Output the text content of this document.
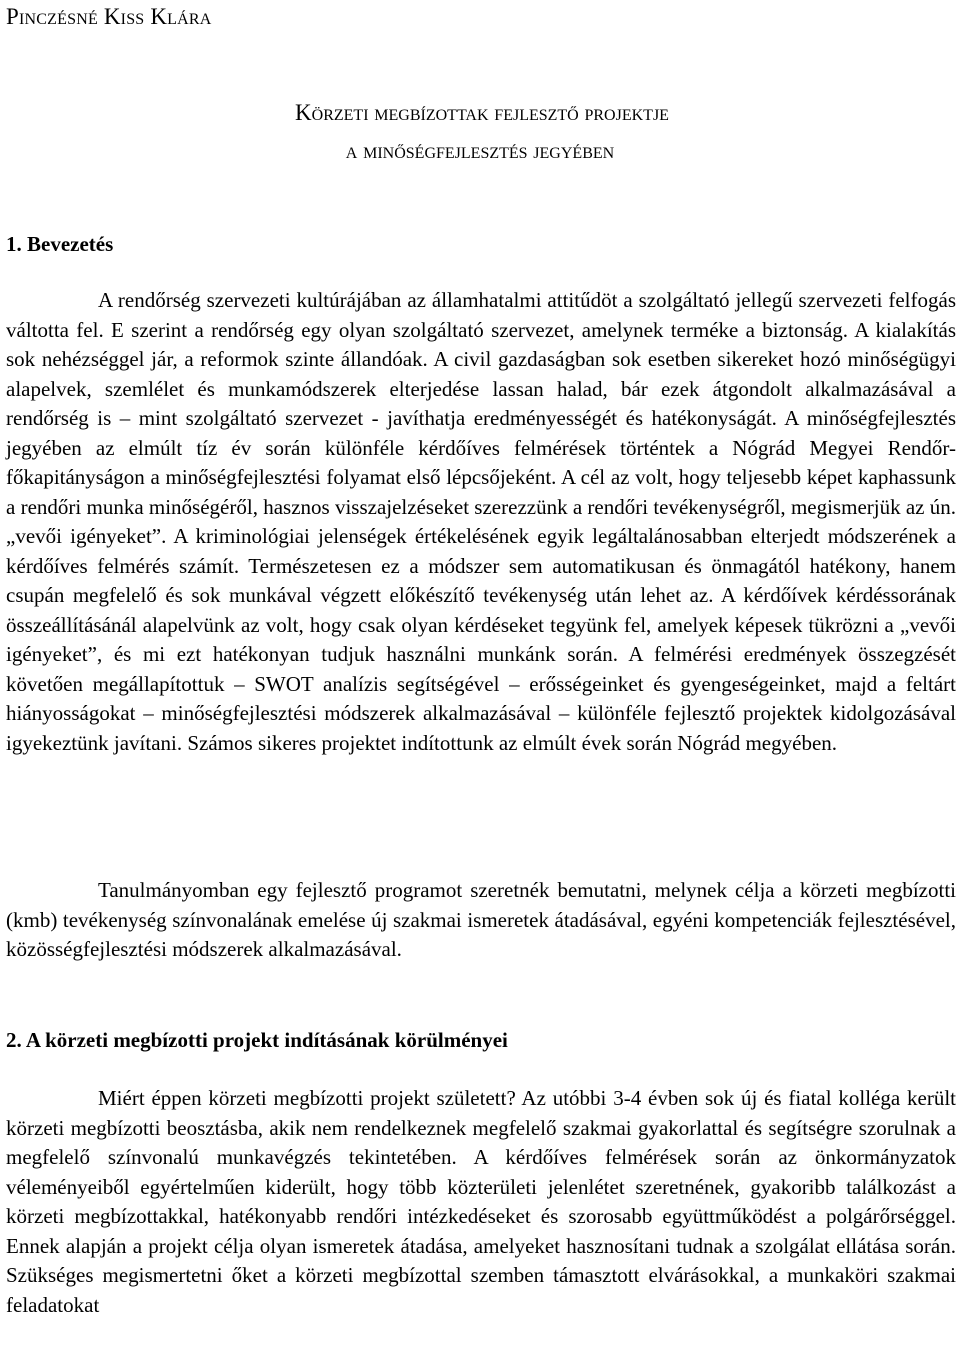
Pinczésné Kiss Klára
Körzeti megbízottak fejlesztő projektje
a minőségfejlesztés jegyében
1. Bevezetés

A rendőrség szervezeti kultúrájában az államhatalmi attitűdöt a szolgáltató jellegű szervezeti felfogás váltotta fel. E szerint a rendőrség egy olyan szolgáltató szervezet, amelynek terméke a biztonság. A kialakítás sok nehézséggel jár, a reformok szinte állandóak. A civil gazdaságban sok esetben sikereket hozó minőségügyi alapelvek, szemlélet és munkamódszerek elterjedése lassan halad, bár ezek átgondolt alkalmazásával a rendőrség is – mint szolgáltató szervezet - javíthatja eredményességét és hatékonyságát. A minőségfejlesztés jegyében az elmúlt tíz év során különféle kérdőíves felmérések történtek a Nógrád Megyei Rendőr-főkapitányságon a minőségfejlesztési folyamat első lépcsőjeként. A cél az volt, hogy teljesebb képet kaphassunk a rendőri munka minőségéről, hasznos visszajelzéseket szerezzünk a rendőri tevékenységről, megismerjük az ún. „vevői igényeket”. A kriminológiai jelenségek értékelésének egyik legáltalánosabban elterjedt módszerének a kérdőíves felmérés számít. Természetesen ez a módszer sem automatikusan és önmagától hatékony, hanem csupán megfelelő és sok munkával végzett előkészítő tevékenység után lehet az. A kérdőívek kérdéssorának összeállításánál alapelvünk az volt, hogy csak olyan kérdéseket tegyünk fel, amelyek képesek tükrözni a „vevői igényeket”, és mi ezt hatékonyan tudjuk használni munkánk során. A felmérési eredmények összegzését követően megállapítottuk – SWOT analízis segítségével – erősségeinket és gyengeségeinket, majd a feltárt hiányosságokat – minőségfejlesztési módszerek alkalmazásával – különféle fejlesztő projektek kidolgozásával igyekeztünk javítani. Számos sikeres projektet indítottunk az elmúlt évek során Nógrád megyében.

Tanulmányomban egy fejlesztő programot szeretnék bemutatni, melynek célja a körzeti megbízotti (kmb) tevékenység színvonalának emelése új szakmai ismeretek átadásával, egyéni kompetenciák fejlesztésével, közösségfejlesztési módszerek alkalmazásával.

2. A körzeti megbízotti projekt indításának körülményei

Miért éppen körzeti megbízotti projekt született? Az utóbbi 3-4 évben sok új és fiatal kolléga került körzeti megbízotti beosztásba, akik nem rendelkeznek megfelelő szakmai gyakorlattal és segítségre szorulnak a megfelelő színvonalú munkavégzés tekintetében. A kérdőíves felmérések során az önkormányzatok véleményeiből egyértelműen kiderült, hogy több közterületi jelenlétet szeretnének, gyakoribb találkozást a körzeti megbízottakkal, hatékonyabb rendőri intézkedéseket és szorosabb együttműködést a polgárőrséggel. Ennek alapján a projekt célja olyan ismeretek átadása, amelyeket hasznosítani tudnak a szolgálat ellátása során. Szükséges megismertetni őket a körzeti megbízottal szemben támasztott elvárásokkal, a munkaköri szakmai feladatokat
